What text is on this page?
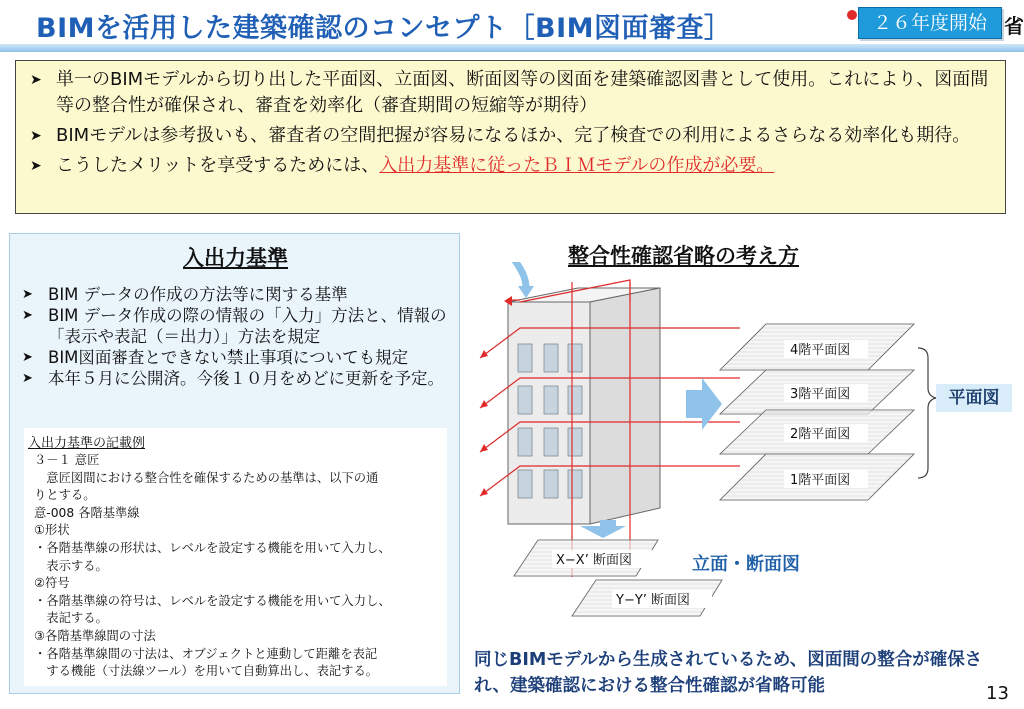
BIMを活用した建築確認のコンセプト［BIM図面審査］	２６年度開始 省
➤ 単一のBIMモデルから切り出した平面図、立面図、断面図等の図面を建築確認図書として使用。これにより、図面間等の整合性が確保され、審査を効率化（審査期間の短縮等が期待）
➤ BIMモデルは参考扱いも、審査者の空間把握が容易になるほか、完了検査での利用によるさらなる効率化も期待。
➤ こうしたメリットを享受するためには、入出力基準に従ったＢＩＭモデルの作成が必要。
入出力基準
➤ BIM データの作成の方法等に関する基準
➤ BIM データ作成の際の情報の「入力」方法と、情報の「表示や表記（＝出力）」方法を規定
➤ BIM図面審査とできない禁止事項についても規定
➤ 本年５月に公開済。今後１０月をめどに更新を予定。
入出力基準の記載例
３－１ 意匠
　意匠図間における整合性を確保するための基準は、以下の通
りとする。
意-008 各階基準線
①形状
・各階基準線の形状は、レベルを設定する機能を用いて入力し、
　表示する。
②符号
・各階基準線の符号は、レベルを設定する機能を用いて入力し、
　表記する。
③各階基準線間の寸法
・各階基準線間の寸法は、オブジェクトと連動して距離を表記
　する機能（寸法線ツール）を用いて自動算出し、表記する。
整合性確認省略の考え方
4階平面図
3階平面図
2階平面図
1階平面図
X−X’ 断面図
Y−Y’ 断面図
平面図
立面・断面図
同じBIMモデルから生成されているため、図面間の整合が確保され、建築確認における整合性確認が省略可能	13
